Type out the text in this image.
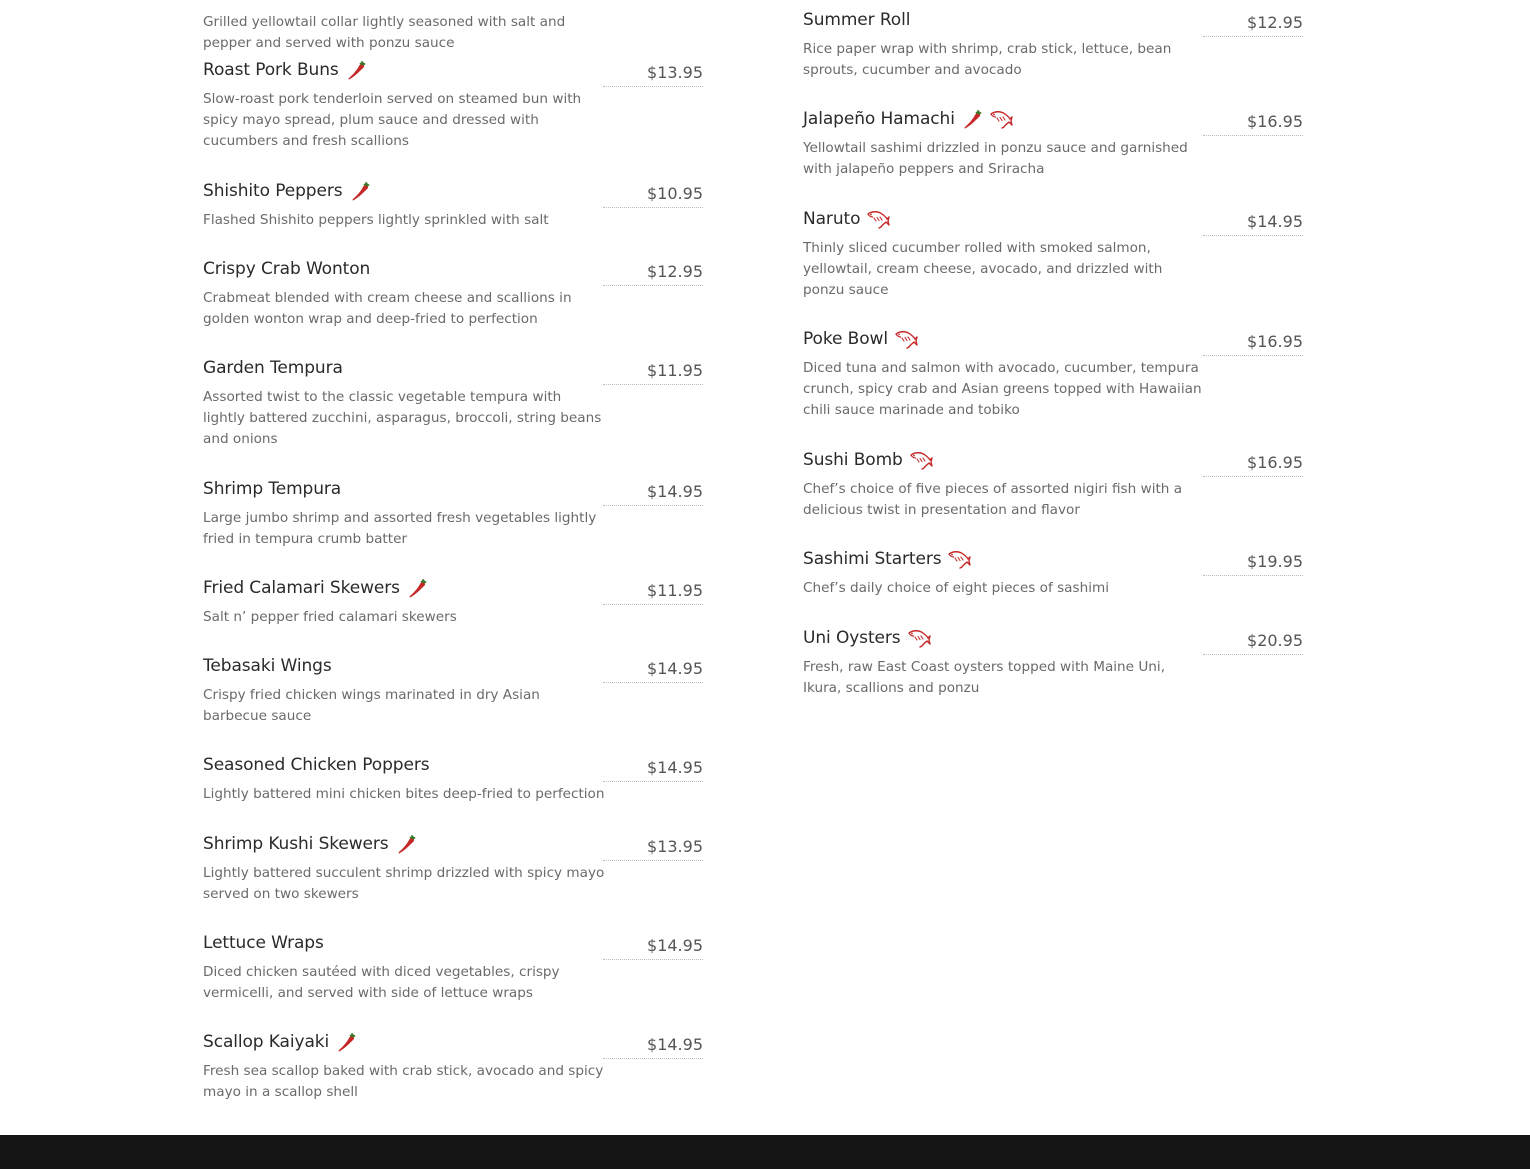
Grilled yellowtail collar lightly seasoned with salt and pepper and served with ponzu sauce
Roast Pork Buns	$13.95
Slow-roast pork tenderloin served on steamed bun with spicy mayo spread, plum sauce and dressed with cucumbers and fresh scallions
Shishito Peppers	$10.95
Flashed Shishito peppers lightly sprinkled with salt
Crispy Crab Wonton	$12.95
Crabmeat blended with cream cheese and scallions in golden wonton wrap and deep-fried to perfection
Garden Tempura	$11.95
Assorted twist to the classic vegetable tempura with lightly battered zucchini, asparagus, broccoli, string beans and onions
Shrimp Tempura	$14.95
Large jumbo shrimp and assorted fresh vegetables lightly fried in tempura crumb batter
Fried Calamari Skewers	$11.95
Salt n’ pepper fried calamari skewers
Tebasaki Wings	$14.95
Crispy fried chicken wings marinated in dry Asian barbecue sauce
Seasoned Chicken Poppers	$14.95
Lightly battered mini chicken bites deep-fried to perfection
Shrimp Kushi Skewers	$13.95
Lightly battered succulent shrimp drizzled with spicy mayo served on two skewers
Lettuce Wraps	$14.95
Diced chicken sautéed with diced vegetables, crispy vermicelli, and served with side of lettuce wraps
Scallop Kaiyaki	$14.95
Fresh sea scallop baked with crab stick, avocado and spicy mayo in a scallop shell
Summer Roll	$12.95
Rice paper wrap with shrimp, crab stick, lettuce, bean sprouts, cucumber and avocado
Jalapeño Hamachi	$16.95
Yellowtail sashimi drizzled in ponzu sauce and garnished with jalapeño peppers and Sriracha
Naruto	$14.95
Thinly sliced cucumber rolled with smoked salmon, yellowtail, cream cheese, avocado, and drizzled with ponzu sauce
Poke Bowl	$16.95
Diced tuna and salmon with avocado, cucumber, tempura crunch, spicy crab and Asian greens topped with Hawaiian chili sauce marinade and tobiko
Sushi Bomb	$16.95
Chef’s choice of five pieces of assorted nigiri fish with a delicious twist in presentation and flavor
Sashimi Starters	$19.95
Chef’s daily choice of eight pieces of sashimi
Uni Oysters	$20.95
Fresh, raw East Coast oysters topped with Maine Uni, Ikura, scallions and ponzu
